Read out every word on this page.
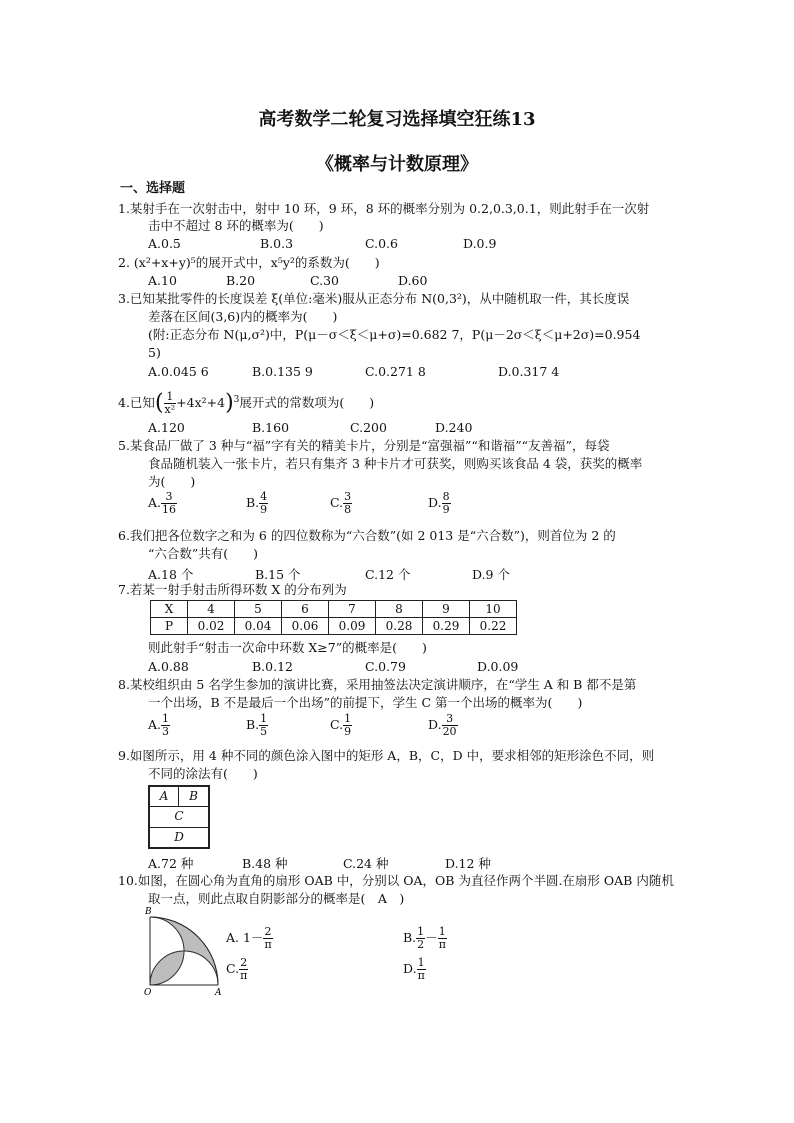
高考数学二轮复习选择填空狂练13
《概率与计数原理》
一、选择题
1.某射手在一次射击中，射中 10 环，9 环，8 环的概率分别为 0.2,0.3,0.1，则此射手在一次射
击中不超过 8 环的概率为(　　)
A.0.5	B.0.3	C.0.6	D.0.9
2. (x²+x+y)⁵的展开式中，x⁵y²的系数为(　　)
A.10	B.20	C.30	D.60
3.已知某批零件的长度误差 ξ(单位:毫米)服从正态分布 N(0,3²)，从中随机取一件，其长度误
差落在区间(3,6)内的概率为(　　)
(附:正态分布 N(μ,σ²)中，P(μ－σ＜ξ＜μ+σ)=0.682 7，P(μ－2σ＜ξ＜μ+2σ)=0.954
5)
A.0.045 6	B.0.135 9	C.0.271 8	D.0.317 4
4.已知( $\frac{1}{\text{x²}} +4x^2+4)^3$展开式的常数项为(　　)
A.120	B.160	C.200	D.240
5.某食品厂做了 3 种与“福”字有关的精美卡片，分别是“富强福”“和谐福”“友善福”，每袋
食品随机装入一张卡片，若只有集齐 3 种卡片才可获奖，则购买该食品 4 袋，获奖的概率
为(　　)
A. $\frac{3}{16}$	B. $\frac{4}{9}$	C. $\frac{3}{8}$	D. $\frac{8}{9}$
6.我们把各位数字之和为 6 的四位数称为“六合数”(如 2 013 是“六合数”)，则首位为 2 的
“六合数”共有(　　)
A.18 个	B.15 个	C.12 个	D.9 个
7.若某一射手射击所得环数 X 的分布列为
X	4	5	6	7	8	9	10
P	0.02	0.04	0.06	0.09	0.28	0.29	0.22
则此射手“射击一次命中环数 X≥7”的概率是(　　)
A.0.88	B.0.12	C.0.79	D.0.09
8.某校组织由 5 名学生参加的演讲比赛，采用抽签法决定演讲顺序，在“学生 A 和 B 都不是第
一个出场，B 不是最后一个出场”的前提下，学生 C 第一个出场的概率为(　　)
A. $\frac{1}{3}$	B. $\frac{1}{5}$	C. $\frac{1}{9}$	D. $\frac{3}{20}$
9.如图所示，用 4 种不同的颜色涂入图中的矩形 A，B，C，D 中，要求相邻的矩形涂色不同，则
不同的涂法有(　　)
A	B
C
D
A.72 种	B.48 种	C.24 种	D.12 种
10.如图，在圆心角为直角的扇形 OAB 中，分别以 OA，OB 为直径作两个半圆.在扇形 OAB 内随机
取一点，则此点取自阴影部分的概率是(　A　)
B
O	A
A. $1- \frac{2}{\pi}$	B. $\frac{1}{2} - \frac{1}{\pi}$
C. $\frac{2}{\pi}$	D. $\frac{1}{\pi}$
